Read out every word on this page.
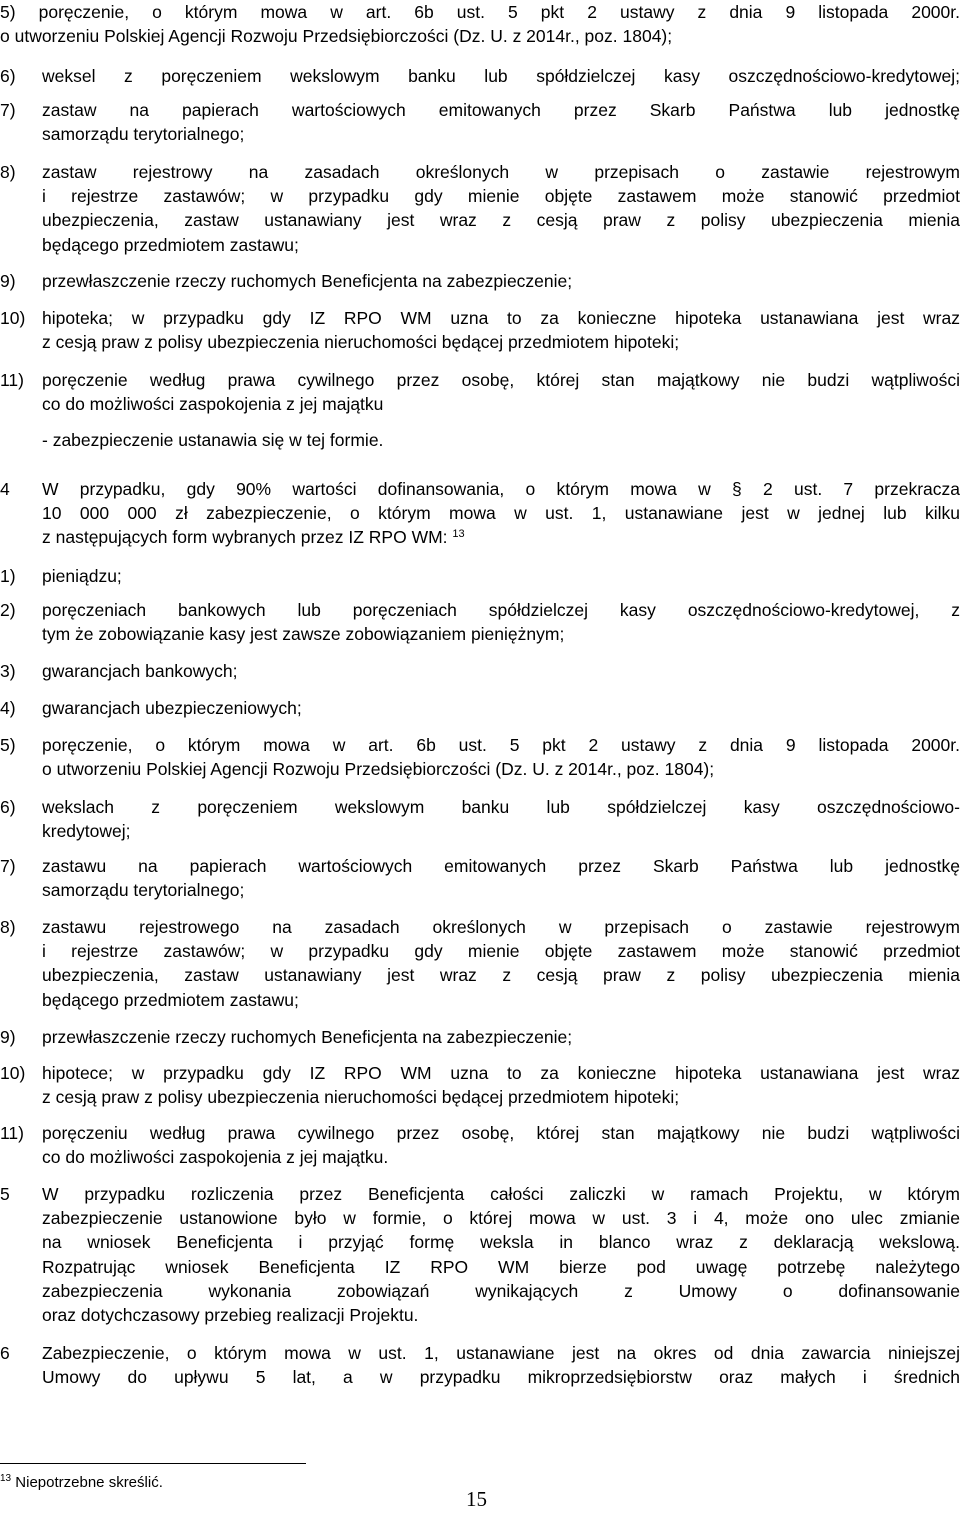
5) poręczenie, o którym mowa w art. 6b ust. 5 pkt 2 ustawy z dnia 9 listopada 2000r.
o utworzeniu Polskiej Agencji Rozwoju Przedsiębiorczości (Dz. U. z 2014r., poz. 1804);
6) weksel z poręczeniem wekslowym banku lub spółdzielczej kasy oszczędnościowo-kredytowej;
7) zastaw na papierach wartościowych emitowanych przez Skarb Państwa lub jednostkę
samorządu terytorialnego;
8) zastaw rejestrowy na zasadach określonych w przepisach o zastawie rejestrowym
i rejestrze zastawów; w przypadku gdy mienie objęte zastawem może stanowić przedmiot
ubezpieczenia, zastaw ustanawiany jest wraz z cesją praw z polisy ubezpieczenia mienia
będącego przedmiotem zastawu;
9) przewłaszczenie rzeczy ruchomych Beneficjenta na zabezpieczenie;
10) hipoteka; w przypadku gdy IZ RPO WM uzna to za konieczne hipoteka ustanawiana jest wraz
z cesją praw z polisy ubezpieczenia nieruchomości będącej przedmiotem hipoteki;
11) poręczenie według prawa cywilnego przez osobę, której stan majątkowy nie budzi wątpliwości
co do możliwości zaspokojenia z jej majątku
- zabezpieczenie ustanawia się w tej formie.
4 W przypadku, gdy 90% wartości dofinansowania, o którym mowa w § 2 ust. 7 przekracza
10 000 000 zł zabezpieczenie, o którym mowa w ust. 1, ustanawiane jest w jednej lub kilku
z następujących form wybranych przez IZ RPO WM: $^{13}$
1) pieniądzu;
2) poręczeniach bankowych lub poręczeniach spółdzielczej kasy oszczędnościowo-kredytowej, z
tym że zobowiązanie kasy jest zawsze zobowiązaniem pieniężnym;
3) gwarancjach bankowych;
4) gwarancjach ubezpieczeniowych;
5) poręczenie, o którym mowa w art. 6b ust. 5 pkt 2 ustawy z dnia 9 listopada 2000r.
o utworzeniu Polskiej Agencji Rozwoju Przedsiębiorczości (Dz. U. z 2014r., poz. 1804);
6) wekslach z poręczeniem wekslowym banku lub spółdzielczej kasy oszczędnościowo-
kredytowej;
7) zastawu na papierach wartościowych emitowanych przez Skarb Państwa lub jednostkę
samorządu terytorialnego;
8) zastawu rejestrowego na zasadach określonych w przepisach o zastawie rejestrowym
i rejestrze zastawów; w przypadku gdy mienie objęte zastawem może stanowić przedmiot
ubezpieczenia, zastaw ustanawiany jest wraz z cesją praw z polisy ubezpieczenia mienia
będącego przedmiotem zastawu;
9) przewłaszczenie rzeczy ruchomych Beneficjenta na zabezpieczenie;
10) hipotece; w przypadku gdy IZ RPO WM uzna to za konieczne hipoteka ustanawiana jest wraz
z cesją praw z polisy ubezpieczenia nieruchomości będącej przedmiotem hipoteki;
11) poręczeniu według prawa cywilnego przez osobę, której stan majątkowy nie budzi wątpliwości
co do możliwości zaspokojenia z jej majątku.
5 W przypadku rozliczenia przez Beneficjenta całości zaliczki w ramach Projektu, w którym
zabezpieczenie ustanowione było w formie, o której mowa w ust. 3 i 4, może ono ulec zmianie
na wniosek Beneficjenta i przyjąć formę weksla in blanco wraz z deklaracją wekslową.
Rozpatrując wniosek Beneficjenta IZ RPO WM bierze pod uwagę potrzebę należytego
zabezpieczenia wykonania zobowiązań wynikających z Umowy o dofinansowanie
oraz dotychczasowy przebieg realizacji Projektu.
6 Zabezpieczenie, o którym mowa w ust. 1, ustanawiane jest na okres od dnia zawarcia niniejszej
Umowy do upływu 5 lat, a w przypadku mikroprzedsiębiorstw oraz małych i średnich
$^{13}$ Niepotrzebne skreślić.
15
